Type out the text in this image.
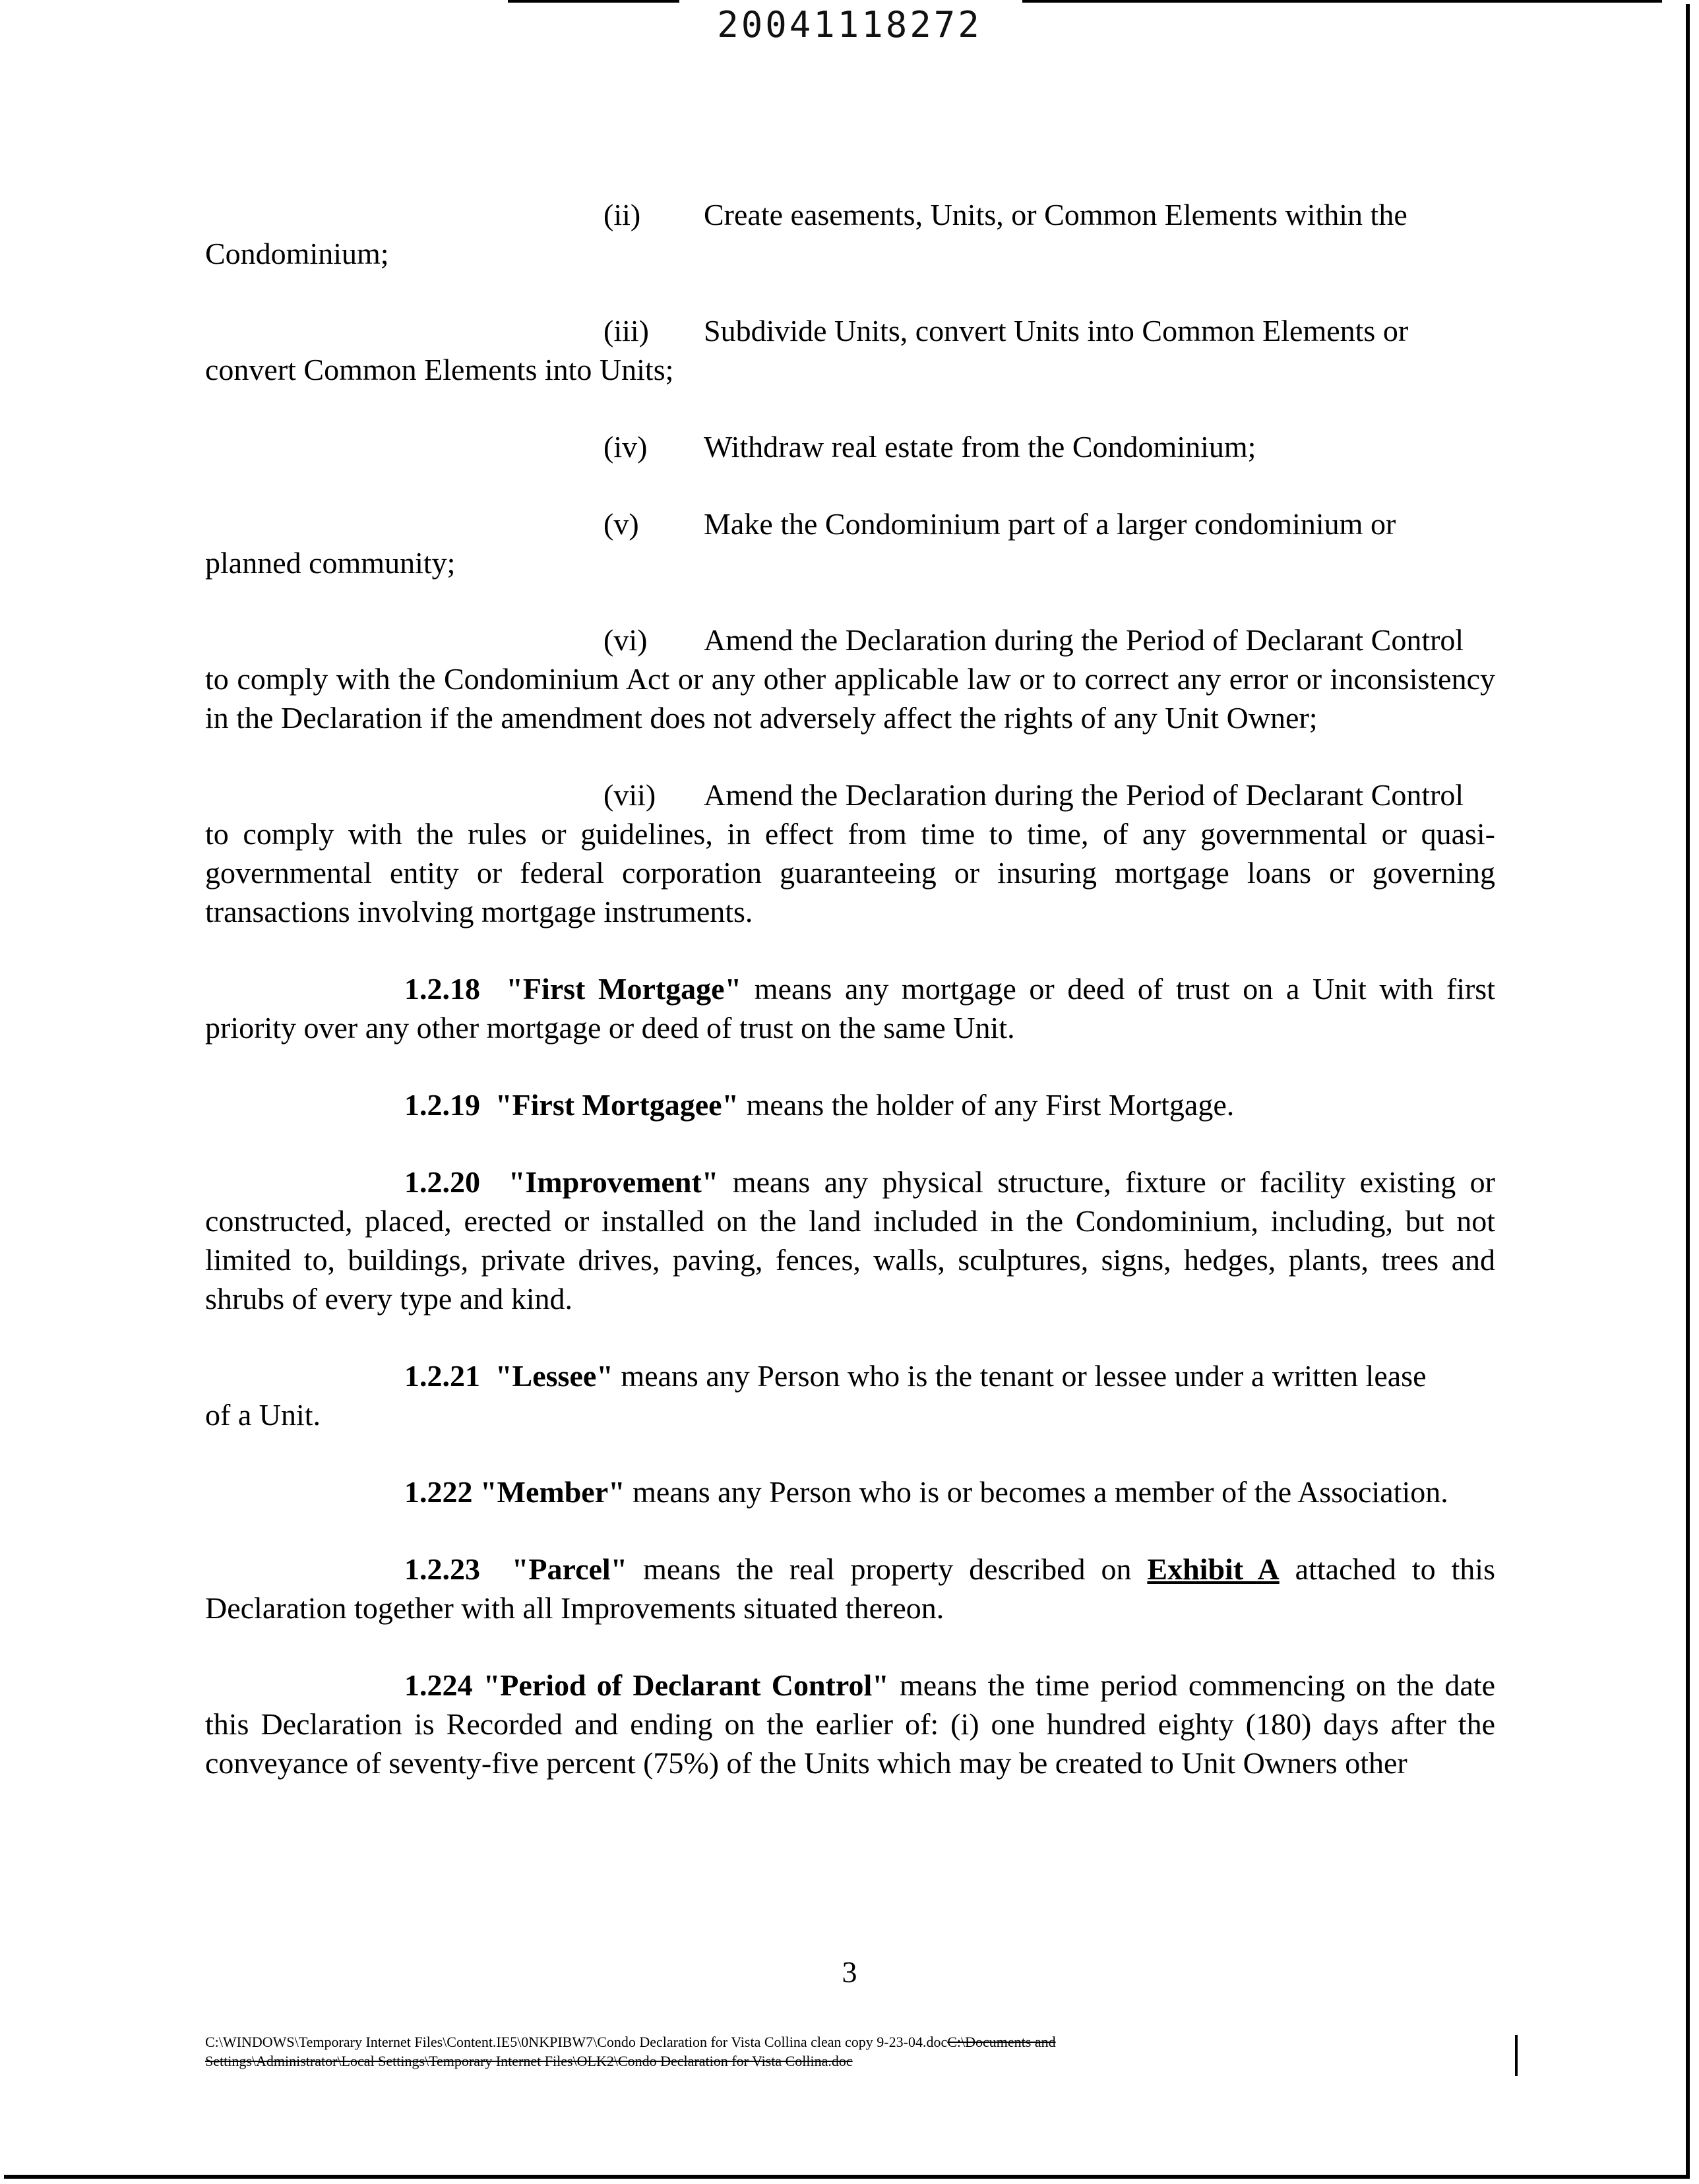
20041118272

(ii) Create easements, Units, or Common Elements within the
Condominium;

(iii) Subdivide Units, convert Units into Common Elements or
convert Common Elements into Units;

(iv) Withdraw real estate from the Condominium;

(v) Make the Condominium part of a larger condominium or
planned community;

(vi) Amend the Declaration during the Period of Declarant Control
to comply with the Condominium Act or any other applicable law or to correct any error or inconsistency in the Declaration if the amendment does not adversely affect the rights of any Unit Owner;

(vii) Amend the Declaration during the Period of Declarant Control
to comply with the rules or guidelines, in effect from time to time, of any governmental or quasi-governmental entity or federal corporation guaranteeing or insuring mortgage loans or governing transactions involving mortgage instruments.

1.2.18 "First Mortgage" means any mortgage or deed of trust on a Unit with first priority over any other mortgage or deed of trust on the same Unit.

1.2.19 "First Mortgagee" means the holder of any First Mortgage.

1.2.20 "Improvement" means any physical structure, fixture or facility existing or constructed, placed, erected or installed on the land included in the Condominium, including, but not limited to, buildings, private drives, paving, fences, walls, sculptures, signs, hedges, plants, trees and shrubs of every type and kind.

1.2.21 "Lessee" means any Person who is the tenant or lessee under a written lease
of a Unit.

1.222 "Member" means any Person who is or becomes a member of the Association.

1.2.23 "Parcel" means the real property described on Exhibit A attached to this Declaration together with all Improvements situated thereon.

1.224 "Period of Declarant Control" means the time period commencing on the date this Declaration is Recorded and ending on the earlier of: (i) one hundred eighty (180) days after the conveyance of seventy-five percent (75%) of the Units which may be created to Unit Owners other

3
C:\WINDOWS\Temporary Internet Files\Content.IE5\0NKPIBW7\Condo Declaration for Vista Collina clean copy 9-23-04.docC:\Documents and
Settings\Administrator\Local Settings\Temporary Internet Files\OLK2\Condo Declaration for Vista Collina.doc
